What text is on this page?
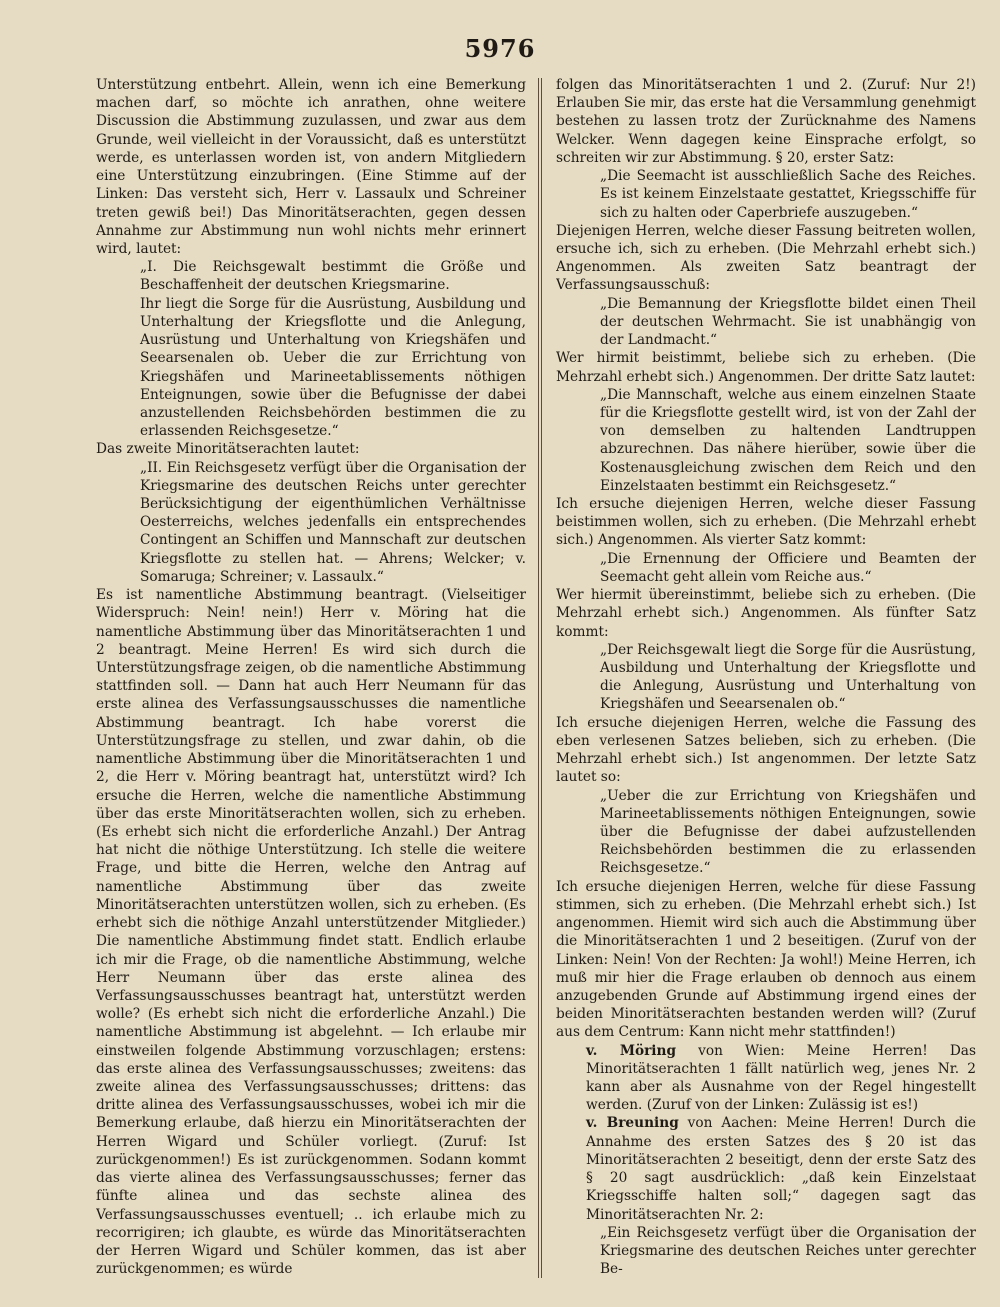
5976

Unterstützung entbehrt. Allein, wenn ich eine Bemerkung machen darf, so möchte ich anrathen, ohne weitere Discussion die Abstimmung zuzulassen, und zwar aus dem Grunde, weil vielleicht in der Voraussicht, daß es unterstützt werde, es unterlassen worden ist, von andern Mitgliedern eine Unterstützung einzubringen. (Eine Stimme auf der Linken: Das versteht sich, Herr v. Lassaulx und Schreiner treten gewiß bei!) Das Minoritätserachten, gegen dessen Annahme zur Abstimmung nun wohl nichts mehr erinnert wird, lautet:

„I. Die Reichsgewalt bestimmt die Größe und Beschaffenheit der deutschen Kriegsmarine.

Ihr liegt die Sorge für die Ausrüstung, Ausbildung und Unterhaltung der Kriegsflotte und die Anlegung, Ausrüstung und Unterhaltung von Kriegshäfen und Seearsenalen ob. Ueber die zur Errichtung von Kriegshäfen und Marineetablissements nöthigen Enteignungen, sowie über die Befugnisse der dabei anzustellenden Reichsbehörden bestimmen die zu erlassenden Reichsgesetze.“

Das zweite Minoritätserachten lautet:

„II. Ein Reichsgesetz verfügt über die Organisation der Kriegsmarine des deutschen Reichs unter gerechter Berücksichtigung der eigenthümlichen Verhältnisse Oesterreichs, welches jedenfalls ein entsprechendes Contingent an Schiffen und Mannschaft zur deutschen Kriegsflotte zu stellen hat. — Ahrens; Welcker; v. Somaruga; Schreiner; v. Lassaulx.“

Es ist namentliche Abstimmung beantragt. (Vielseitiger Widerspruch: Nein! nein!) Herr v. Möring hat die namentliche Abstimmung über das Minoritätserachten 1 und 2 beantragt. Meine Herren! Es wird sich durch die Unterstützungsfrage zeigen, ob die namentliche Abstimmung stattfinden soll. — Dann hat auch Herr Neumann für das erste alinea des Verfassungsausschusses die namentliche Abstimmung beantragt. Ich habe vorerst die Unterstützungsfrage zu stellen, und zwar dahin, ob die namentliche Abstimmung über die Minoritätserachten 1 und 2, die Herr v. Möring beantragt hat, unterstützt wird? Ich ersuche die Herren, welche die namentliche Abstimmung über das erste Minoritätserachten wollen, sich zu erheben. (Es erhebt sich nicht die erforderliche Anzahl.) Der Antrag hat nicht die nöthige Unterstützung. Ich stelle die weitere Frage, und bitte die Herren, welche den Antrag auf namentliche Abstimmung über das zweite Minoritätserachten unterstützen wollen, sich zu erheben. (Es erhebt sich die nöthige Anzahl unterstützender Mitglieder.) Die namentliche Abstimmung findet statt. Endlich erlaube ich mir die Frage, ob die namentliche Abstimmung, welche Herr Neumann über das erste alinea des Verfassungsausschusses beantragt hat, unterstützt werden wolle? (Es erhebt sich nicht die erforderliche Anzahl.) Die namentliche Abstimmung ist abgelehnt. — Ich erlaube mir einstweilen folgende Abstimmung vorzuschlagen; erstens: das erste alinea des Verfassungsausschusses; zweitens: das zweite alinea des Verfassungsausschusses; drittens: das dritte alinea des Verfassungsausschusses, wobei ich mir die Bemerkung erlaube, daß hierzu ein Minoritätserachten der Herren Wigard und Schüler vorliegt. (Zuruf: Ist zurückgenommen!) Es ist zurückgenommen. Sodann kommt das vierte alinea des Verfassungsausschusses; ferner das fünfte alinea und das sechste alinea des Verfassungsausschusses eventuell; .. ich erlaube mich zu recorrigiren; ich glaubte, es würde das Minoritätserachten der Herren Wigard und Schüler kommen, das ist aber zurückgenommen; es würde

folgen das Minoritätserachten 1 und 2. (Zuruf: Nur 2!) Erlauben Sie mir, das erste hat die Versammlung genehmigt bestehen zu lassen trotz der Zurücknahme des Namens Welcker. Wenn dagegen keine Einsprache erfolgt, so schreiten wir zur Abstimmung. § 20, erster Satz:

„Die Seemacht ist ausschließlich Sache des Reiches. Es ist keinem Einzelstaate gestattet, Kriegsschiffe für sich zu halten oder Caperbriefe auszugeben.“

Diejenigen Herren, welche dieser Fassung beitreten wollen, ersuche ich, sich zu erheben. (Die Mehrzahl erhebt sich.) Angenommen. Als zweiten Satz beantragt der Verfassungsausschuß:

„Die Bemannung der Kriegsflotte bildet einen Theil der deutschen Wehrmacht. Sie ist unabhängig von der Landmacht.“

Wer hirmit beistimmt, beliebe sich zu erheben. (Die Mehrzahl erhebt sich.) Angenommen. Der dritte Satz lautet:

„Die Mannschaft, welche aus einem einzelnen Staate für die Kriegsflotte gestellt wird, ist von der Zahl der von demselben zu haltenden Landtruppen abzurechnen. Das nähere hierüber, sowie über die Kostenausgleichung zwischen dem Reich und den Einzelstaaten bestimmt ein Reichsgesetz.“

Ich ersuche diejenigen Herren, welche dieser Fassung beistimmen wollen, sich zu erheben. (Die Mehrzahl erhebt sich.) Angenommen. Als vierter Satz kommt:

„Die Ernennung der Officiere und Beamten der Seemacht geht allein vom Reiche aus.“

Wer hiermit übereinstimmt, beliebe sich zu erheben. (Die Mehrzahl erhebt sich.) Angenommen. Als fünfter Satz kommt:

„Der Reichsgewalt liegt die Sorge für die Ausrüstung, Ausbildung und Unterhaltung der Kriegsflotte und die Anlegung, Ausrüstung und Unterhaltung von Kriegshäfen und Seearsenalen ob.“

Ich ersuche diejenigen Herren, welche die Fassung des eben verlesenen Satzes belieben, sich zu erheben. (Die Mehrzahl erhebt sich.) Ist angenommen. Der letzte Satz lautet so:

„Ueber die zur Errichtung von Kriegshäfen und Marineetablissements nöthigen Enteignungen, sowie über die Befugnisse der dabei aufzustellenden Reichsbehörden bestimmen die zu erlassenden Reichsgesetze.“

Ich ersuche diejenigen Herren, welche für diese Fassung stimmen, sich zu erheben. (Die Mehrzahl erhebt sich.) Ist angenommen. Hiemit wird sich auch die Abstimmung über die Minoritätserachten 1 und 2 beseitigen. (Zuruf von der Linken: Nein! Von der Rechten: Ja wohl!) Meine Herren, ich muß mir hier die Frage erlauben ob dennoch aus einem anzugebenden Grunde auf Abstimmung irgend eines der beiden Minoritätserachten bestanden werden will? (Zuruf aus dem Centrum: Kann nicht mehr stattfinden!)

v. Möring von Wien: Meine Herren! Das Minoritätserachten 1 fällt natürlich weg, jenes Nr. 2 kann aber als Ausnahme von der Regel hingestellt werden. (Zuruf von der Linken: Zulässig ist es!)

v. Breuning von Aachen: Meine Herren! Durch die Annahme des ersten Satzes des § 20 ist das Minoritätserachten 2 beseitigt, denn der erste Satz des § 20 sagt ausdrücklich: „daß kein Einzelstaat Kriegsschiffe halten soll;“ dagegen sagt das Minoritätserachten Nr. 2:

„Ein Reichsgesetz verfügt über die Organisation der Kriegsmarine des deutschen Reiches unter gerechter Be-
